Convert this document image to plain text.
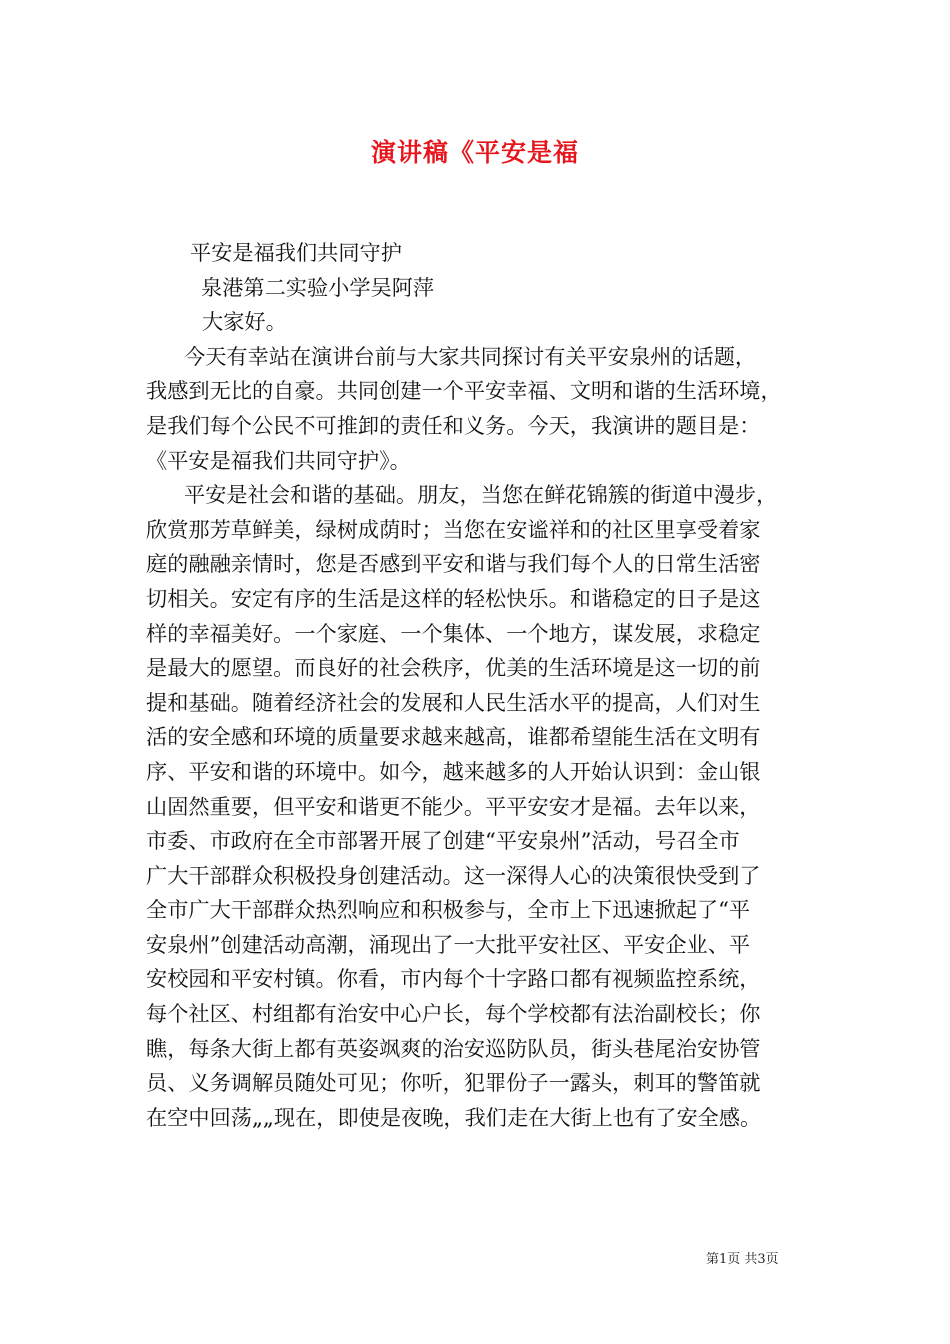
演讲稿《平安是福
平安是福我们共同守护
泉港第二实验小学吴阿萍
大家好。
今天有幸站在演讲台前与大家共同探讨有关平安泉州的话题，
我感到无比的自豪。共同创建一个平安幸福、文明和谐的生活环境，
是我们每个公民不可推卸的责任和义务。今天，我演讲的题目是：
《平安是福我们共同守护》。
平安是社会和谐的基础。朋友，当您在鲜花锦簇的街道中漫步，
欣赏那芳草鲜美，绿树成荫时；当您在安谧祥和的社区里享受着家
庭的融融亲情时，您是否感到平安和谐与我们每个人的日常生活密
切相关。安定有序的生活是这样的轻松快乐。和谐稳定的日子是这
样的幸福美好。一个家庭、一个集体、一个地方，谋发展，求稳定
是最大的愿望。而良好的社会秩序，优美的生活环境是这一切的前
提和基础。随着经济社会的发展和人民生活水平的提高，人们对生
活的安全感和环境的质量要求越来越高，谁都希望能生活在文明有
序、平安和谐的环境中。如今，越来越多的人开始认识到：金山银
山固然重要，但平安和谐更不能少。平平安安才是福。去年以来，
市委、市政府在全市部署开展了创建“平安泉州”活动，号召全市
广大干部群众积极投身创建活动。这一深得人心的决策很快受到了
全市广大干部群众热烈响应和积极参与，全市上下迅速掀起了“平
安泉州”创建活动高潮，涌现出了一大批平安社区、平安企业、平
安校园和平安村镇。你看，市内每个十字路口都有视频监控系统，
每个社区、村组都有治安中心户长，每个学校都有法治副校长；你
瞧，每条大街上都有英姿飒爽的治安巡防队员，街头巷尾治安协管
员、义务调解员随处可见；你听，犯罪份子一露头，刺耳的警笛就
在空中回荡„„现在，即使是夜晚，我们走在大街上也有了安全感。
第1页 共3页
